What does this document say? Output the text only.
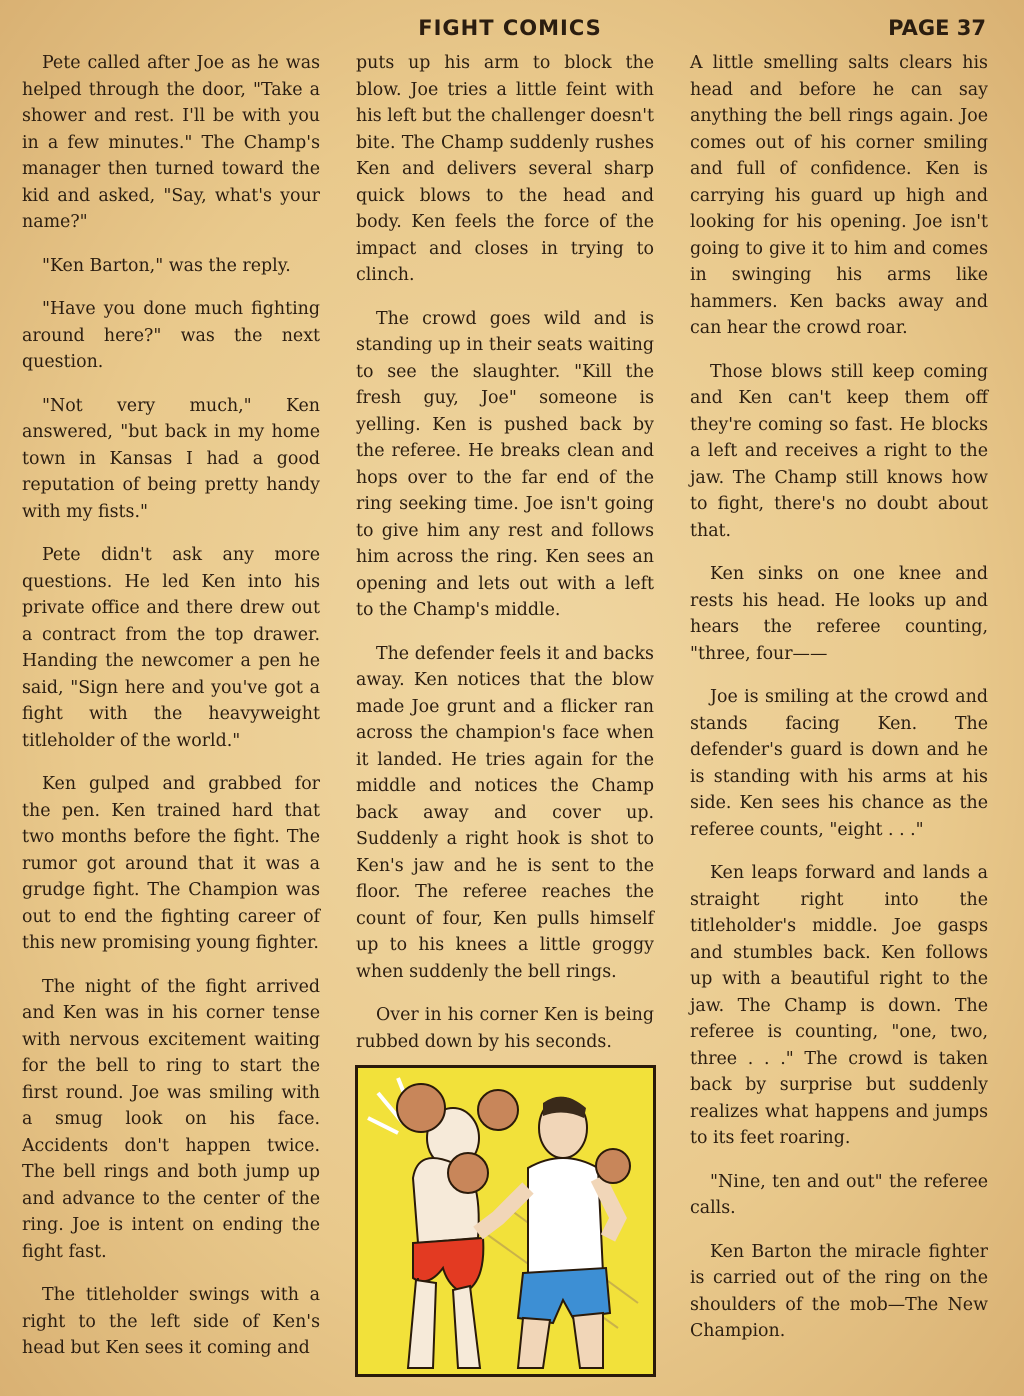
FIGHT COMICS	PAGE 37

Pete called after Joe as he was helped through the door, "Take a shower and rest. I'll be with you in a few minutes." The Champ's manager then turned toward the kid and asked, "Say, what's your name?"

"Ken Barton," was the reply.

"Have you done much fighting around here?" was the next question.

"Not very much," Ken answered, "but back in my home town in Kansas I had a good reputation of being pretty handy with my fists."

Pete didn't ask any more questions. He led Ken into his private office and there drew out a contract from the top drawer. Handing the newcomer a pen he said, "Sign here and you've got a fight with the heavyweight titleholder of the world."

Ken gulped and grabbed for the pen. Ken trained hard that two months before the fight. The rumor got around that it was a grudge fight. The Champion was out to end the fighting career of this new promising young fighter.

The night of the fight arrived and Ken was in his corner tense with nervous excitement waiting for the bell to ring to start the first round. Joe was smiling with a smug look on his face. Accidents don't happen twice. The bell rings and both jump up and advance to the center of the ring. Joe is intent on ending the fight fast.

The titleholder swings with a right to the left side of Ken's head but Ken sees it coming and

puts up his arm to block the blow. Joe tries a little feint with his left but the challenger doesn't bite. The Champ suddenly rushes Ken and delivers several sharp quick blows to the head and body. Ken feels the force of the impact and closes in trying to clinch.

The crowd goes wild and is standing up in their seats waiting to see the slaughter. "Kill the fresh guy, Joe" someone is yelling. Ken is pushed back by the referee. He breaks clean and hops over to the far end of the ring seeking time. Joe isn't going to give him any rest and follows him across the ring. Ken sees an opening and lets out with a left to the Champ's middle.

The defender feels it and backs away. Ken notices that the blow made Joe grunt and a flicker ran across the champion's face when it landed. He tries again for the middle and notices the Champ back away and cover up. Suddenly a right hook is shot to Ken's jaw and he is sent to the floor. The referee reaches the count of four, Ken pulls himself up to his knees a little groggy when suddenly the bell rings.

Over in his corner Ken is being rubbed down by his seconds.

A little smelling salts clears his head and before he can say anything the bell rings again. Joe comes out of his corner smiling and full of confidence. Ken is carrying his guard up high and looking for his opening. Joe isn't going to give it to him and comes in swinging his arms like hammers. Ken backs away and can hear the crowd roar.

Those blows still keep coming and Ken can't keep them off they're coming so fast. He blocks a left and receives a right to the jaw. The Champ still knows how to fight, there's no doubt about that.

Ken sinks on one knee and rests his head. He looks up and hears the referee counting, "three, four——

Joe is smiling at the crowd and stands facing Ken. The defender's guard is down and he is standing with his arms at his side. Ken sees his chance as the referee counts, "eight . . ."

Ken leaps forward and lands a straight right into the titleholder's middle. Joe gasps and stumbles back. Ken follows up with a beautiful right to the jaw. The Champ is down. The referee is counting, "one, two, three . . ." The crowd is taken back by surprise but suddenly realizes what happens and jumps to its feet roaring.

"Nine, ten and out" the referee calls.

Ken Barton the miracle fighter is carried out of the ring on the shoulders of the mob—The New Champion.
